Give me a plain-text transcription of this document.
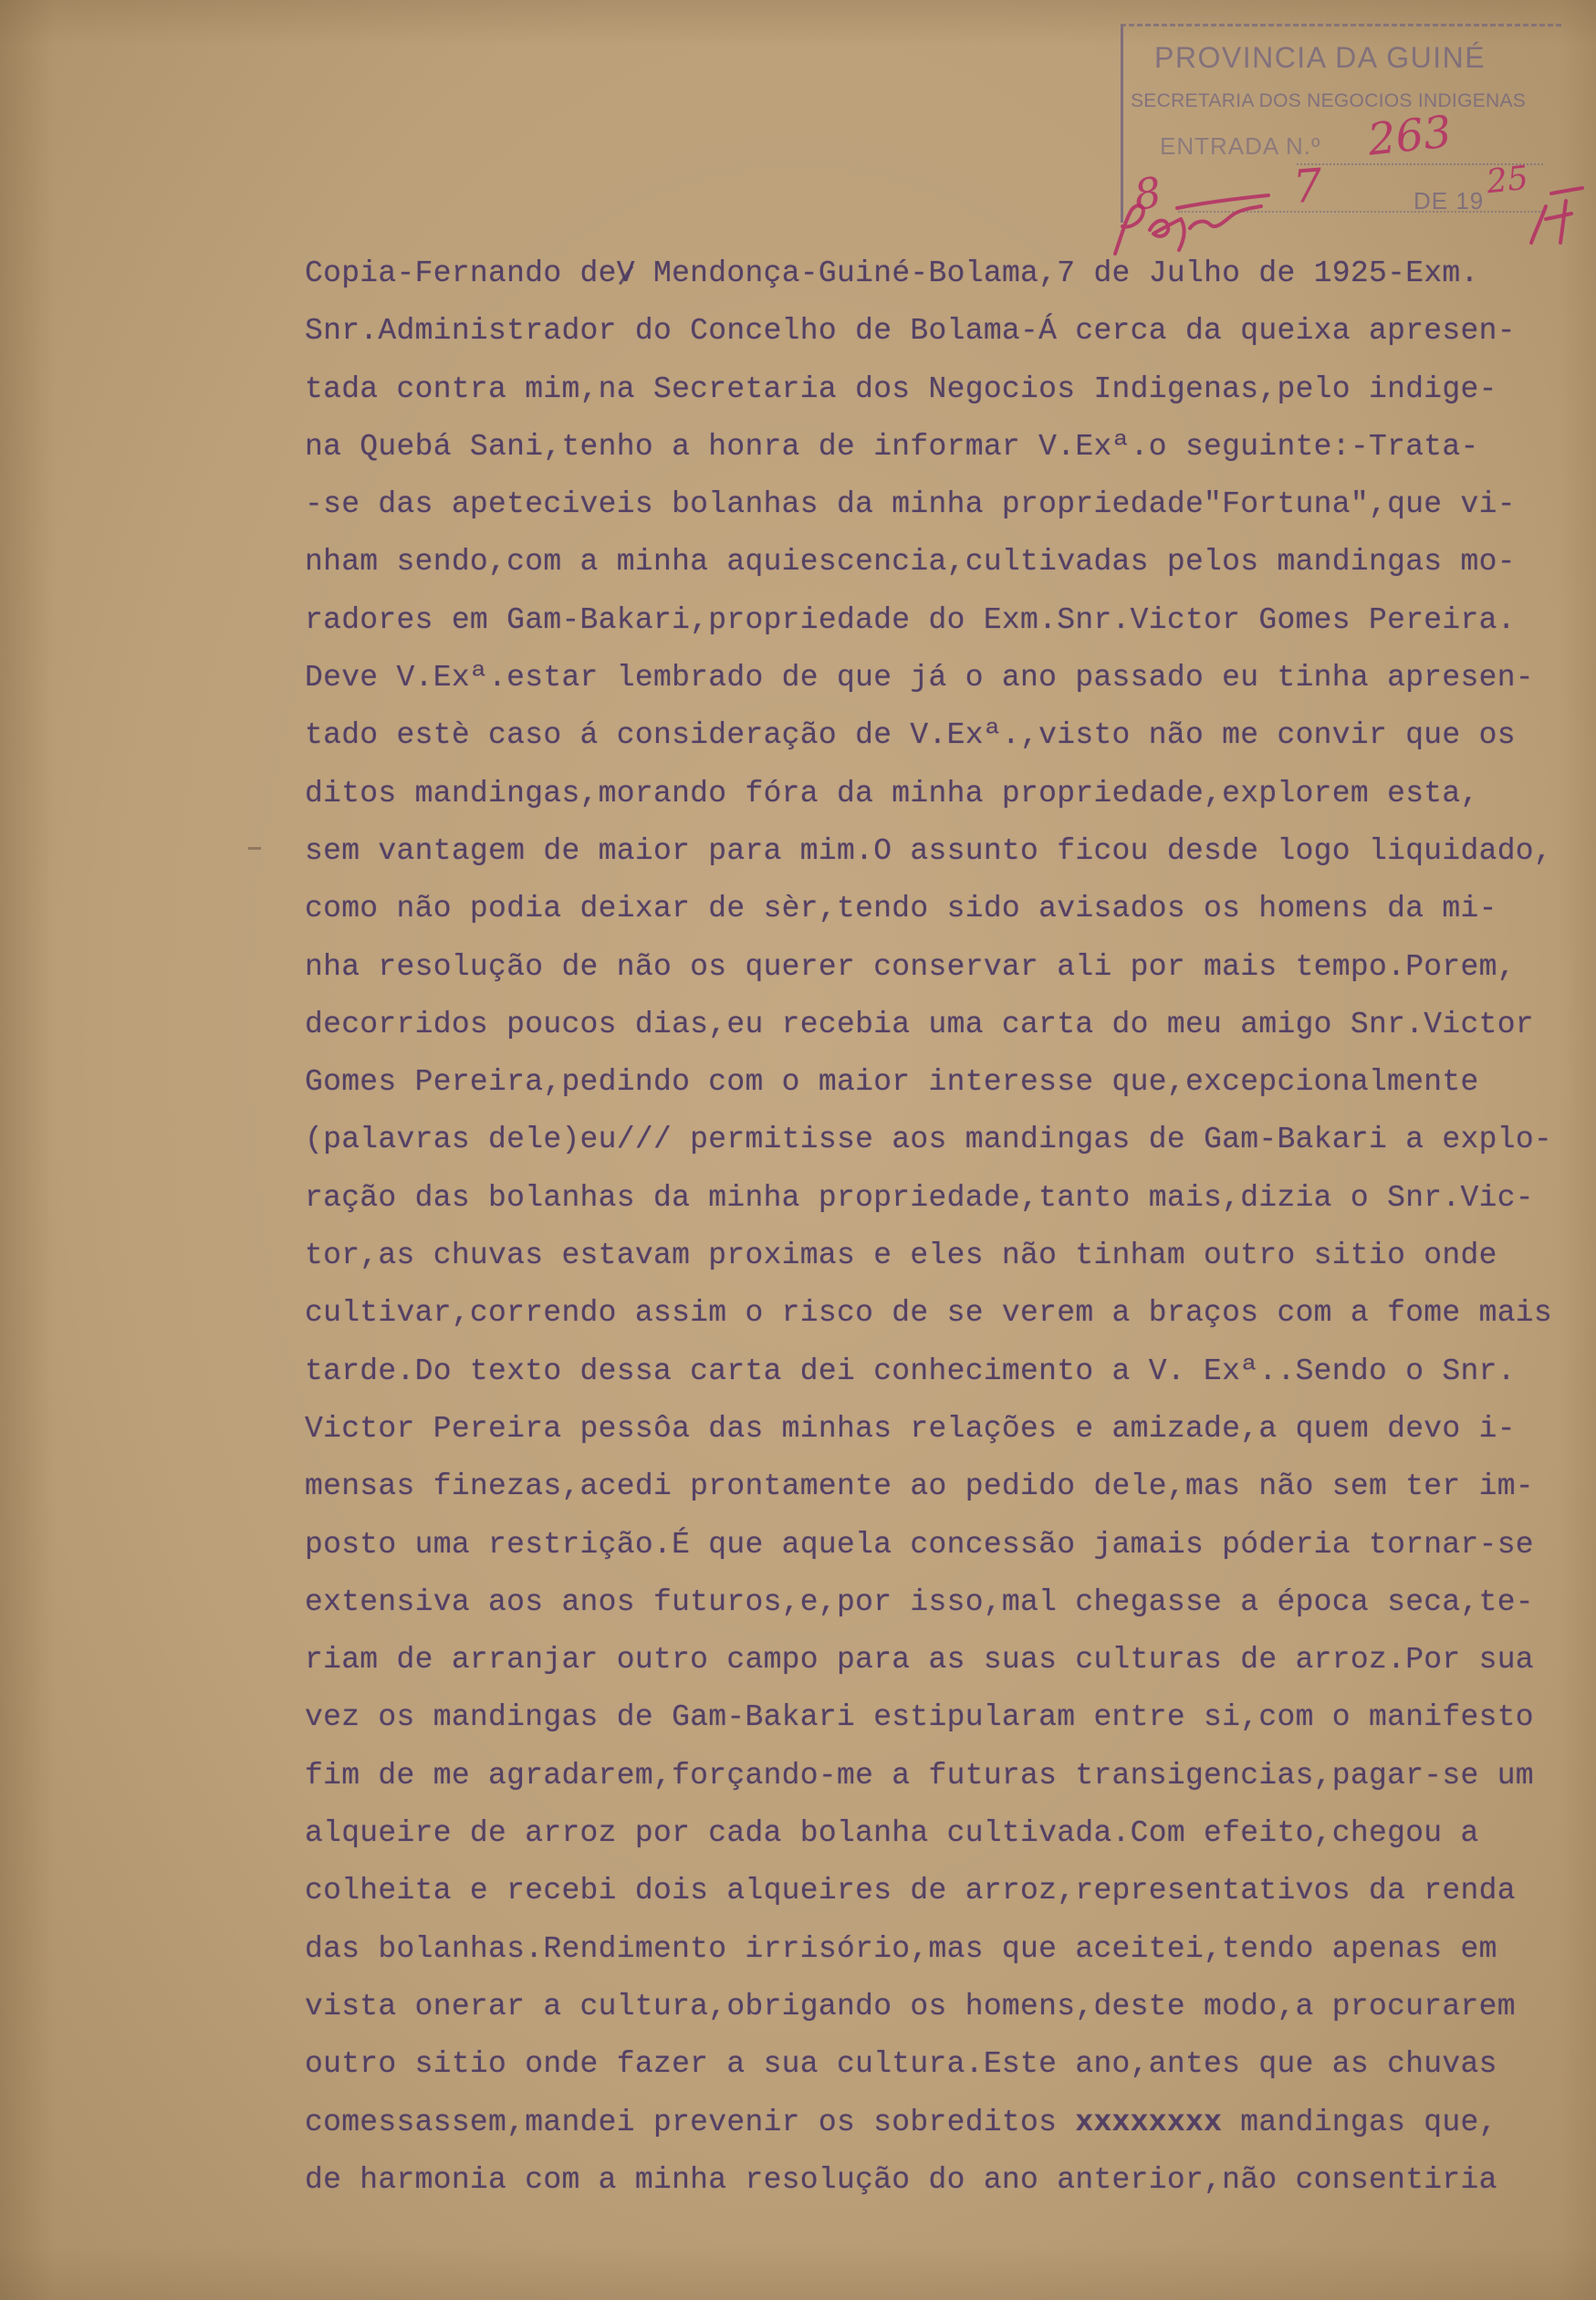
PROVINCIA DA GUINÉ
SECRETARIA DOS NEGOCIOS INDIGENAS
ENTRADA N.º 263
8	7	DE 19 25
Copia-Fernando deV Mendonça-Guiné-Bolama,7 de Julho de 1925-Exm.
Snr.Administrador do Concelho de Bolama-Á cerca da queixa apresen-
tada contra mim,na Secretaria dos Negocios Indigenas,pelo indige-
na Quebá Sani,tenho a honra de informar V.Exª.o seguinte:-Trata-
-se das apeteciveis bolanhas da minha propriedade"Fortuna",que vi-
nham sendo,com a minha aquiescencia,cultivadas pelos mandingas mo-
radores em Gam-Bakari,propriedade do Exm.Snr.Victor Gomes Pereira.
Deve V.Exª.estar lembrado de que já o ano passado eu tinha apresen-
tado estè caso á consideração de V.Exª.,visto não me convir que os
ditos mandingas,morando fóra da minha propriedade,explorem esta,
sem vantagem de maior para mim.O assunto ficou desde logo liquidado,
como não podia deixar de sèr,tendo sido avisados os homens da mi-
nha resolução de não os querer conservar ali por mais tempo.Porem,
decorridos poucos dias,eu recebia uma carta do meu amigo Snr.Victor
Gomes Pereira,pedindo com o maior interesse que,excepcionalmente
(palavras dele)eu/// permitisse aos mandingas de Gam-Bakari a explo-
ração das bolanhas da minha propriedade,tanto mais,dizia o Snr.Vic-
tor,as chuvas estavam proximas e eles não tinham outro sitio onde
cultivar,correndo assim o risco de se verem a braços com a fome mais
tarde.Do texto dessa carta dei conhecimento a V. Exª..Sendo o Snr.
Victor Pereira pessôa das minhas relações e amizade,a quem devo i-
mensas finezas,acedi prontamente ao pedido dele,mas não sem ter im-
posto uma restrição.É que aquela concessão jamais póderia tornar-se
extensiva aos anos futuros,e,por isso,mal chegasse a época seca,te-
riam de arranjar outro campo para as suas culturas de arroz.Por sua
vez os mandingas de Gam-Bakari estipularam entre si,com o manifesto
fim de me agradarem,forçando-me a futuras transigencias,pagar-se um
alqueire de arroz por cada bolanha cultivada.Com efeito,chegou a
colheita e recebi dois alqueires de arroz,representativos da renda
das bolanhas.Rendimento irrisório,mas que aceitei,tendo apenas em
vista onerar a cultura,obrigando os homens,deste modo,a procurarem
outro sitio onde fazer a sua cultura.Este ano,antes que as chuvas
comessassem,mandei prevenir os sobreditos xxxxxxxx mandingas que,
de harmonia com a minha resolução do ano anterior,não consentiria
